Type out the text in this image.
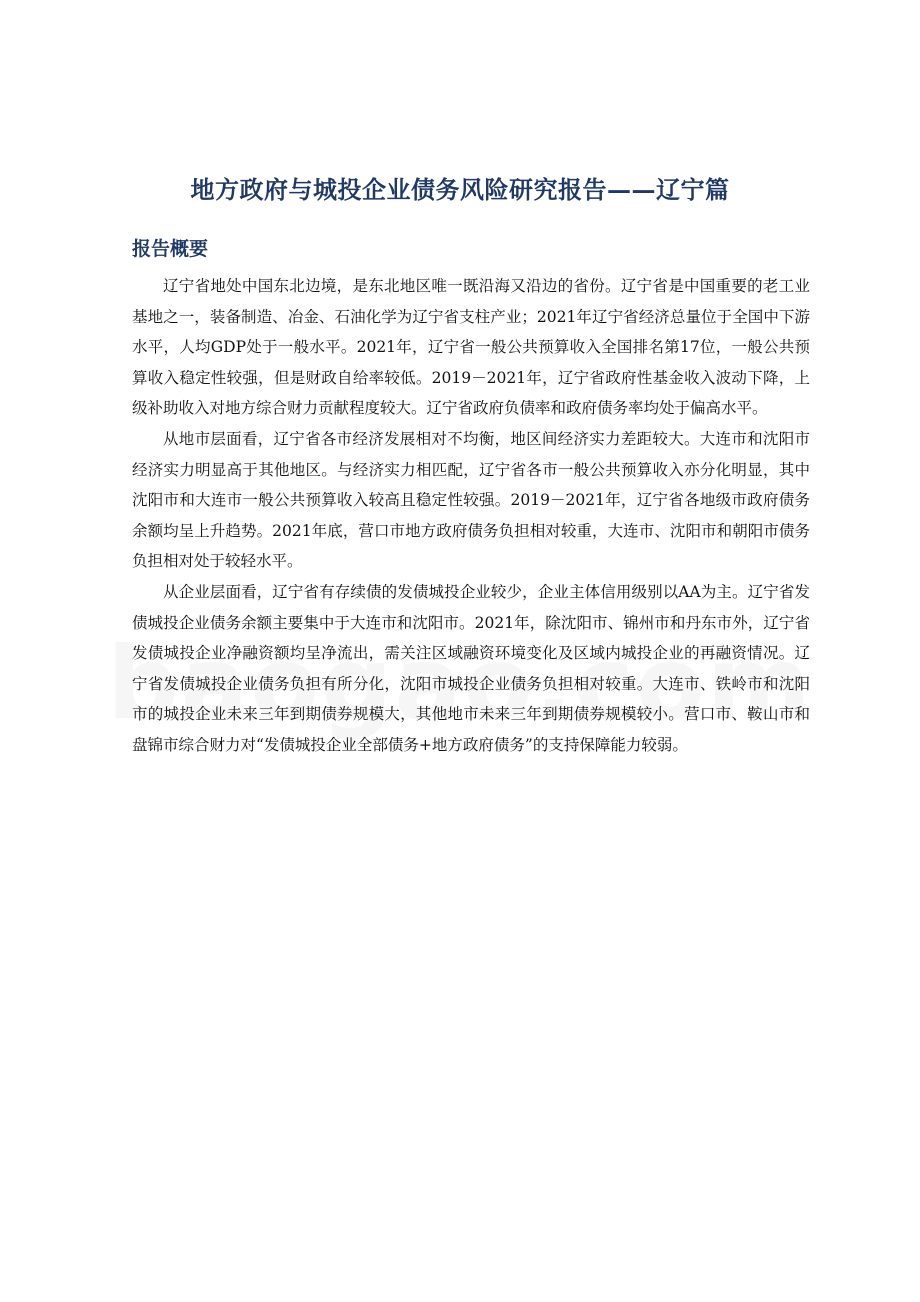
地方政府与城投企业债务风险研究报告——辽宁篇
报告概要

辽宁省地处中国东北边境，是东北地区唯一既沿海又沿边的省份。辽宁省是中国重要的老工业基地之一，装备制造、冶金、石油化学为辽宁省支柱产业；2021年辽宁省经济总量位于全国中下游水平，人均GDP处于一般水平。2021年，辽宁省一般公共预算收入全国排名第17位，一般公共预算收入稳定性较强，但是财政自给率较低。2019－2021年，辽宁省政府性基金收入波动下降，上级补助收入对地方综合财力贡献程度较大。辽宁省政府负债率和政府债务率均处于偏高水平。

从地市层面看，辽宁省各市经济发展相对不均衡，地区间经济实力差距较大。大连市和沈阳市经济实力明显高于其他地区。与经济实力相匹配，辽宁省各市一般公共预算收入亦分化明显，其中沈阳市和大连市一般公共预算收入较高且稳定性较强。2019－2021年，辽宁省各地级市政府债务余额均呈上升趋势。2021年底，营口市地方政府债务负担相对较重，大连市、沈阳市和朝阳市债务负担相对处于较轻水平。

从企业层面看，辽宁省有存续债的发债城投企业较少，企业主体信用级别以AA为主。辽宁省发债城投企业债务余额主要集中于大连市和沈阳市。2021年，除沈阳市、锦州市和丹东市外，辽宁省发债城投企业净融资额均呈净流出，需关注区域融资环境变化及区域内城投企业的再融资情况。辽宁省发债城投企业债务负担有所分化，沈阳市城投企业债务负担相对较重。大连市、铁岭市和沈阳市的城投企业未来三年到期债券规模大，其他地市未来三年到期债券规模较小。营口市、鞍山市和盘锦市综合财力对“发债城投企业全部债务+地方政府债务”的支持保障能力较弱。
